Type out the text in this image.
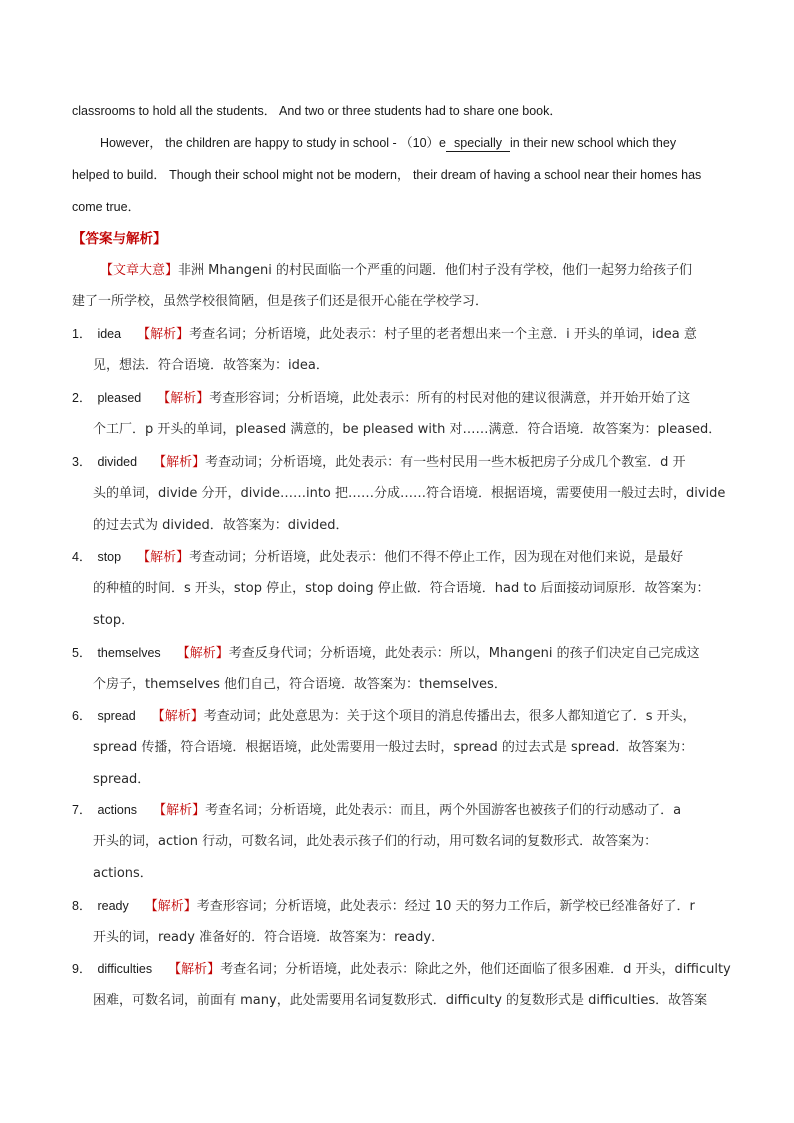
classrooms to hold all the students． And two or three students had to share one book．
However， the children are happy to study in school - （10）e specially in their new school which they
helped to build． Though their school might not be modern， their dream of having a school near their homes has
come true．
【答案与解析】
【文章大意】非洲 Mhangeni 的村民面临一个严重的问题．他们村子没有学校，他们一起努力给孩子们
建了一所学校，虽然学校很简陋，但是孩子们还是很开心能在学校学习．
1． idea 【解析】考查名词；分析语境，此处表示：村子里的老者想出来一个主意．i 开头的单词，idea 意
见，想法．符合语境．故答案为：idea．
2． pleased 【解析】考查形容词；分析语境，此处表示：所有的村民对他的建议很满意，并开始开始了这
个工厂．p 开头的单词，pleased 满意的，be pleased with 对……满意．符合语境．故答案为：pleased．
3． divided 【解析】考查动词；分析语境，此处表示：有一些村民用一些木板把房子分成几个教室．d 开
头的单词，divide 分开，divide……into 把……分成……符合语境．根据语境，需要使用一般过去时，divide
的过去式为 divided．故答案为：divided．
4． stop 【解析】考查动词；分析语境，此处表示：他们不得不停止工作，因为现在对他们来说，是最好
的种植的时间．s 开头，stop 停止，stop doing 停止做．符合语境．had to 后面接动词原形．故答案为：
stop．
5． themselves 【解析】考查反身代词；分析语境，此处表示：所以，Mhangeni 的孩子们决定自己完成这
个房子，themselves 他们自己，符合语境．故答案为：themselves．
6． spread 【解析】考查动词；此处意思为：关于这个项目的消息传播出去，很多人都知道它了．s 开头，
spread 传播，符合语境．根据语境，此处需要用一般过去时，spread 的过去式是 spread．故答案为：
spread．
7． actions 【解析】考查名词；分析语境，此处表示：而且，两个外国游客也被孩子们的行动感动了．a
开头的词，action 行动，可数名词，此处表示孩子们的行动，用可数名词的复数形式．故答案为：
actions．
8． ready 【解析】考查形容词；分析语境，此处表示：经过 10 天的努力工作后，新学校已经准备好了．r
开头的词，ready 准备好的．符合语境．故答案为：ready．
9． difficulties 【解析】考查名词；分析语境，此处表示：除此之外，他们还面临了很多困难．d 开头，difficulty
困难，可数名词，前面有 many，此处需要用名词复数形式．difficulty 的复数形式是 difficulties．故答案
